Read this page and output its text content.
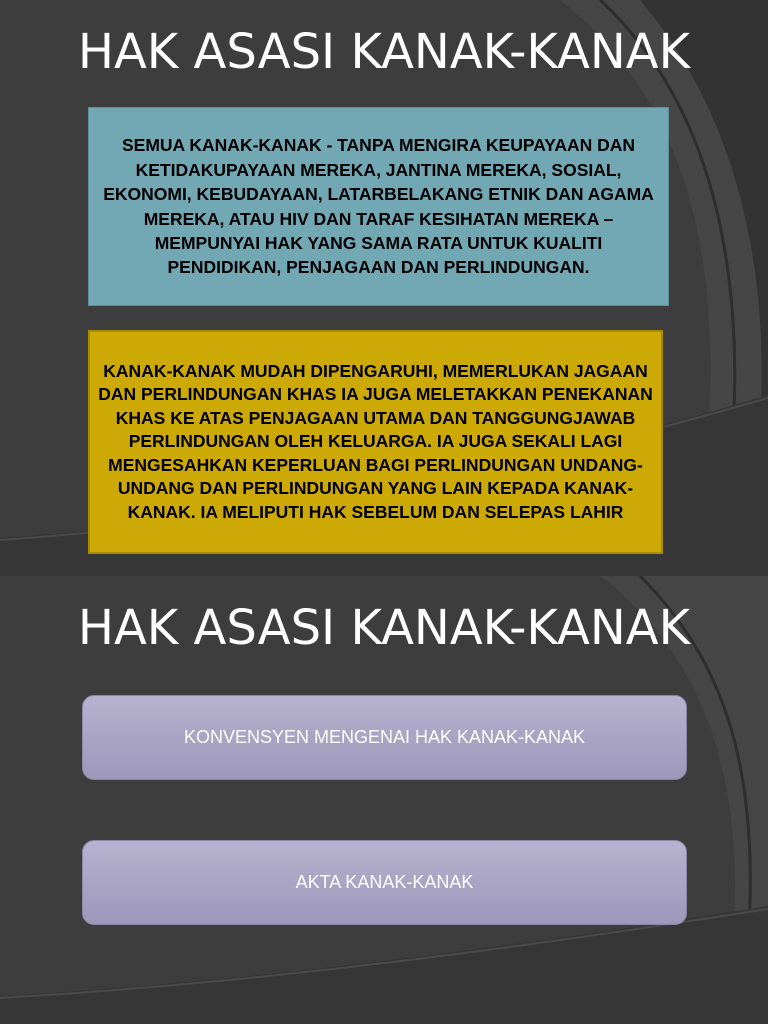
HAK ASASI KANAK-KANAK
SEMUA KANAK-KANAK - TANPA MENGIRA KEUPAYAAN DAN KETIDAKUPAYAAN MEREKA, JANTINA MEREKA, SOSIAL, EKONOMI, KEBUDAYAAN, LATARBELAKANG ETNIK DAN AGAMA MEREKA, ATAU HIV DAN TARAF KESIHATAN MEREKA – MEMPUNYAI HAK YANG SAMA RATA UNTUK KUALITI PENDIDIKAN, PENJAGAAN DAN PERLINDUNGAN.
KANAK-KANAK MUDAH DIPENGARUHI, MEMERLUKAN JAGAAN DAN PERLINDUNGAN KHAS IA JUGA MELETAKKAN PENEKANAN KHAS KE ATAS PENJAGAAN UTAMA DAN TANGGUNGJAWAB PERLINDUNGAN OLEH KELUARGA. IA JUGA SEKALI LAGI MENGESAHKAN KEPERLUAN BAGI PERLINDUNGAN UNDANG-UNDANG DAN PERLINDUNGAN YANG LAIN KEPADA KANAK-KANAK. IA MELIPUTI HAK SEBELUM DAN SELEPAS LAHIR
HAK ASASI KANAK-KANAK
KONVENSYEN MENGENAI HAK KANAK-KANAK
AKTA KANAK-KANAK
